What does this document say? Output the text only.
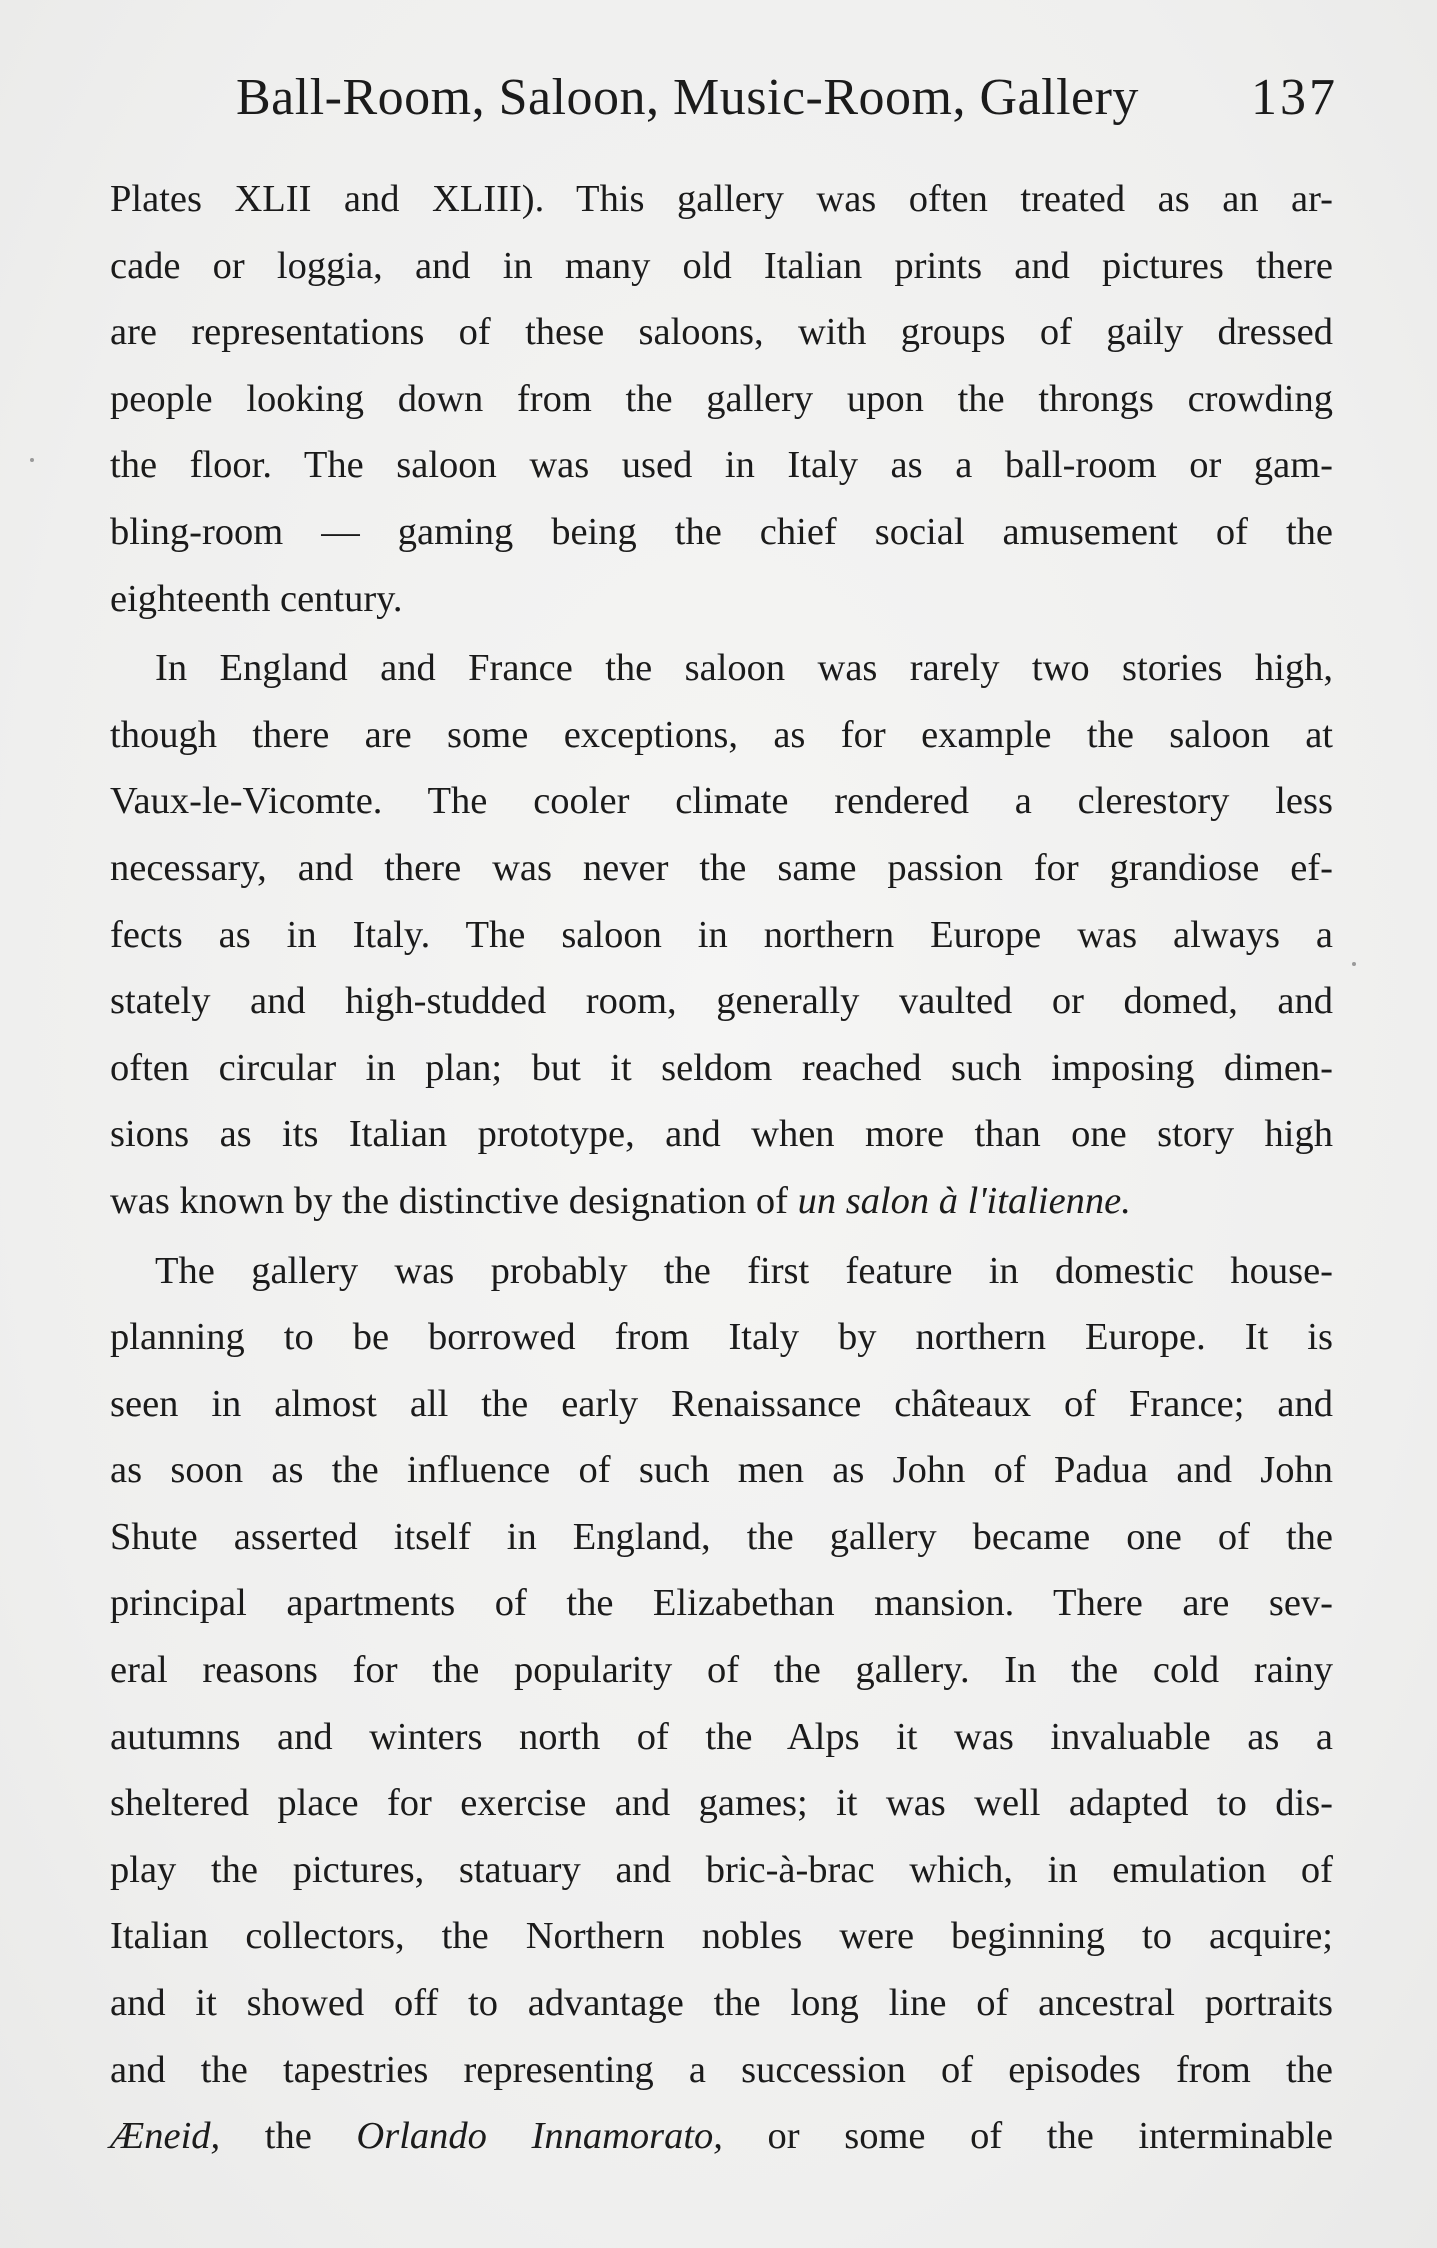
Ball-Room, Saloon, Music-Room, Gallery 137
Plates XLII and XLIII). This gallery was often treated as an ar-
cade or loggia, and in many old Italian prints and pictures there
are representations of these saloons, with groups of gaily dressed
people looking down from the gallery upon the throngs crowding
the floor. The saloon was used in Italy as a ball-room or gam-
bling-room — gaming being the chief social amusement of the
eighteenth century.
In England and France the saloon was rarely two stories high,
though there are some exceptions, as for example the saloon at
Vaux-le-Vicomte. The cooler climate rendered a clerestory less
necessary, and there was never the same passion for grandiose ef-
fects as in Italy. The saloon in northern Europe was always a
stately and high-studded room, generally vaulted or domed, and
often circular in plan; but it seldom reached such imposing dimen-
sions as its Italian prototype, and when more than one story high
was known by the distinctive designation of un salon à l'italienne.
The gallery was probably the first feature in domestic house-
planning to be borrowed from Italy by northern Europe. It is
seen in almost all the early Renaissance châteaux of France; and
as soon as the influence of such men as John of Padua and John
Shute asserted itself in England, the gallery became one of the
principal apartments of the Elizabethan mansion. There are sev-
eral reasons for the popularity of the gallery. In the cold rainy
autumns and winters north of the Alps it was invaluable as a
sheltered place for exercise and games; it was well adapted to dis-
play the pictures, statuary and bric-à-brac which, in emulation of
Italian collectors, the Northern nobles were beginning to acquire;
and it showed off to advantage the long line of ancestral portraits
and the tapestries representing a succession of episodes from the
Æneid, the Orlando Innamorato, or some of the interminable
